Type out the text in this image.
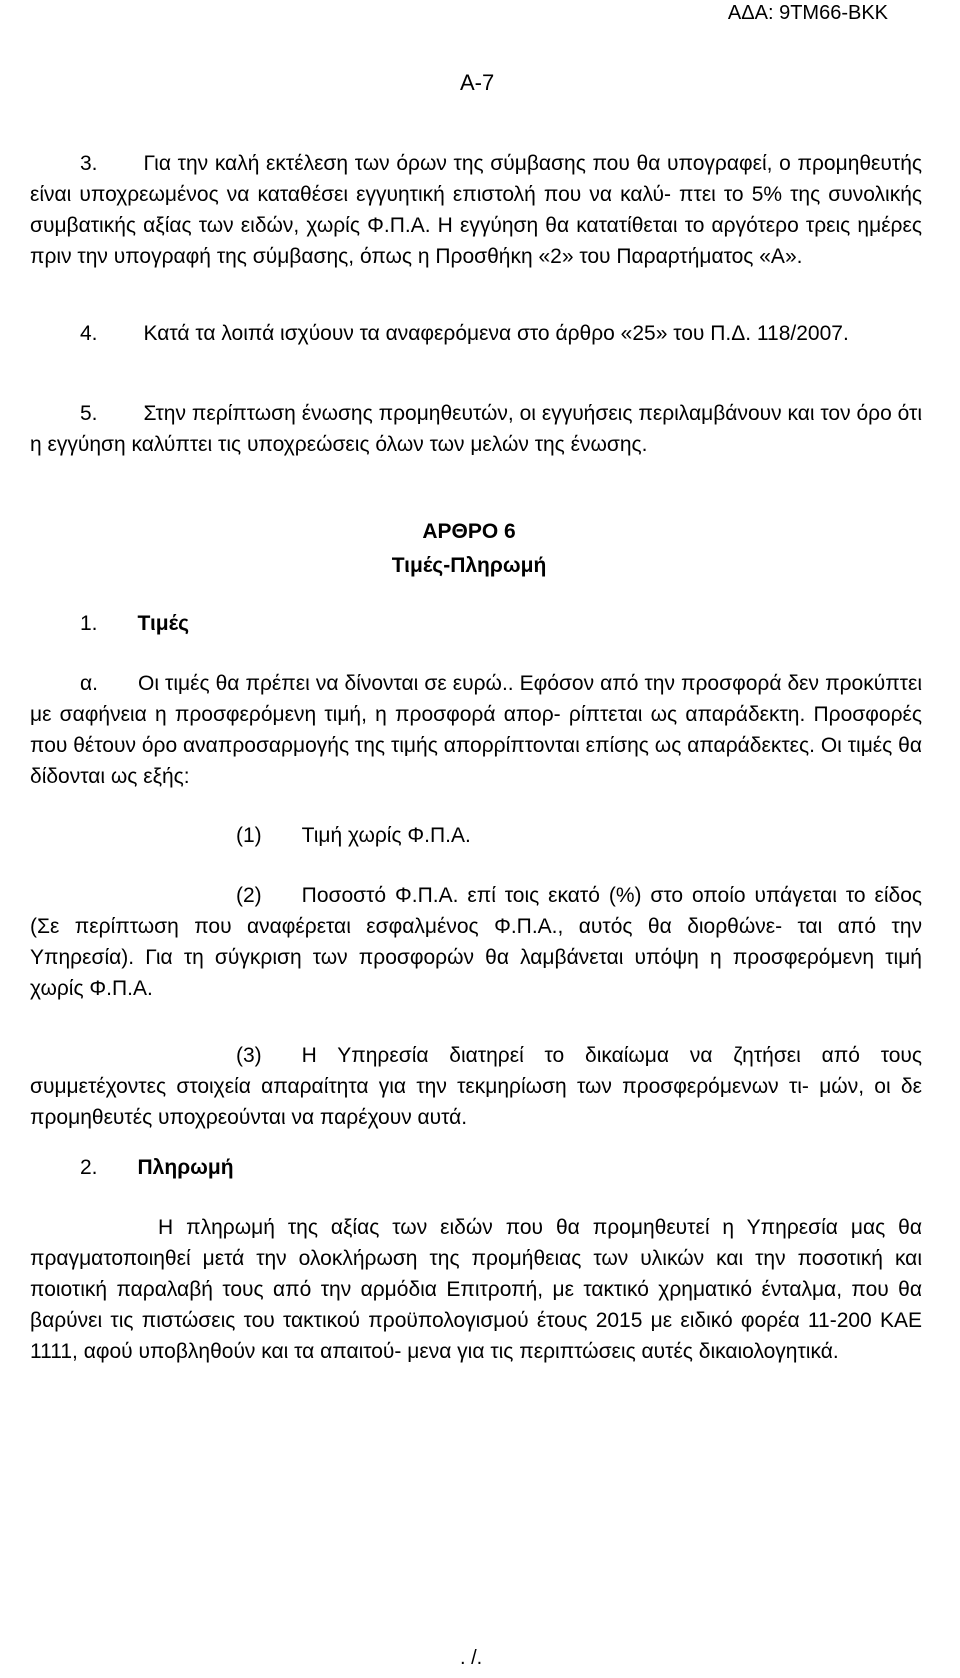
ΑΔΑ: 9ΤΜ66-ΒΚΚ
Α-7
3. Για την καλή εκτέλεση των όρων της σύμβασης που θα υπογραφεί, ο προμηθευτής είναι υποχρεωμένος να καταθέσει εγγυητική επιστολή που να καλύ- πτει το 5% της συνολικής συμβατικής αξίας των ειδών, χωρίς Φ.Π.Α. Η εγγύηση θα κατατίθεται το αργότερο τρεις ημέρες πριν την υπογραφή της σύμβασης, όπως η Προσθήκη «2» του Παραρτήματος «Α».
4. Κατά τα λοιπά ισχύουν τα αναφερόμενα στο άρθρο «25» του Π.Δ. 118/2007.
5. Στην περίπτωση ένωσης προμηθευτών, οι εγγυήσεις περιλαμβάνουν και τον όρο ότι η εγγύηση καλύπτει τις υποχρεώσεις όλων των μελών της ένωσης.
ΑΡΘΡΟ 6
Τιμές-Πληρωμή
1. Τιμές
α. Οι τιμές θα πρέπει να δίνονται σε ευρώ.. Εφόσον από την προσφορά δεν προκύπτει με σαφήνεια η προσφερόμενη τιμή, η προσφορά απορ- ρίπτεται ως απαράδεκτη. Προσφορές που θέτουν όρο αναπροσαρμογής της τιμής απορρίπτονται επίσης ως απαράδεκτες. Οι τιμές θα δίδονται ως εξής:
(1) Τιμή χωρίς Φ.Π.Α.
(2) Ποσοστό Φ.Π.Α. επί τοις εκατό (%) στο οποίο υπάγεται το είδος (Σε περίπτωση που αναφέρεται εσφαλμένος Φ.Π.Α., αυτός θα διορθώνε- ται από την Υπηρεσία). Για τη σύγκριση των προσφορών θα λαμβάνεται υπόψη η προσφερόμενη τιμή χωρίς Φ.Π.Α.
(3) Η Υπηρεσία διατηρεί το δικαίωμα να ζητήσει από τους συμμετέχοντες στοιχεία απαραίτητα για την τεκμηρίωση των προσφερόμενων τι- μών, οι δε προμηθευτές υποχρεούνται να παρέχουν αυτά.
2. Πληρωμή
Η πληρωμή της αξίας των ειδών που θα προμηθευτεί η Υπηρεσία μας θα πραγματοποιηθεί μετά την ολοκλήρωση της προμήθειας των υλικών και την ποσοτική και ποιοτική παραλαβή τους από την αρμόδια Επιτροπή, με τακτικό χρηματικό ένταλμα, που θα βαρύνει τις πιστώσεις του τακτικού προϋπολογισμού έτους 2015 με ειδικό φορέα 11-200 ΚΑΕ 1111, αφού υποβληθούν και τα απαιτού- μενα για τις περιπτώσεις αυτές δικαιολογητικά.
. /.
